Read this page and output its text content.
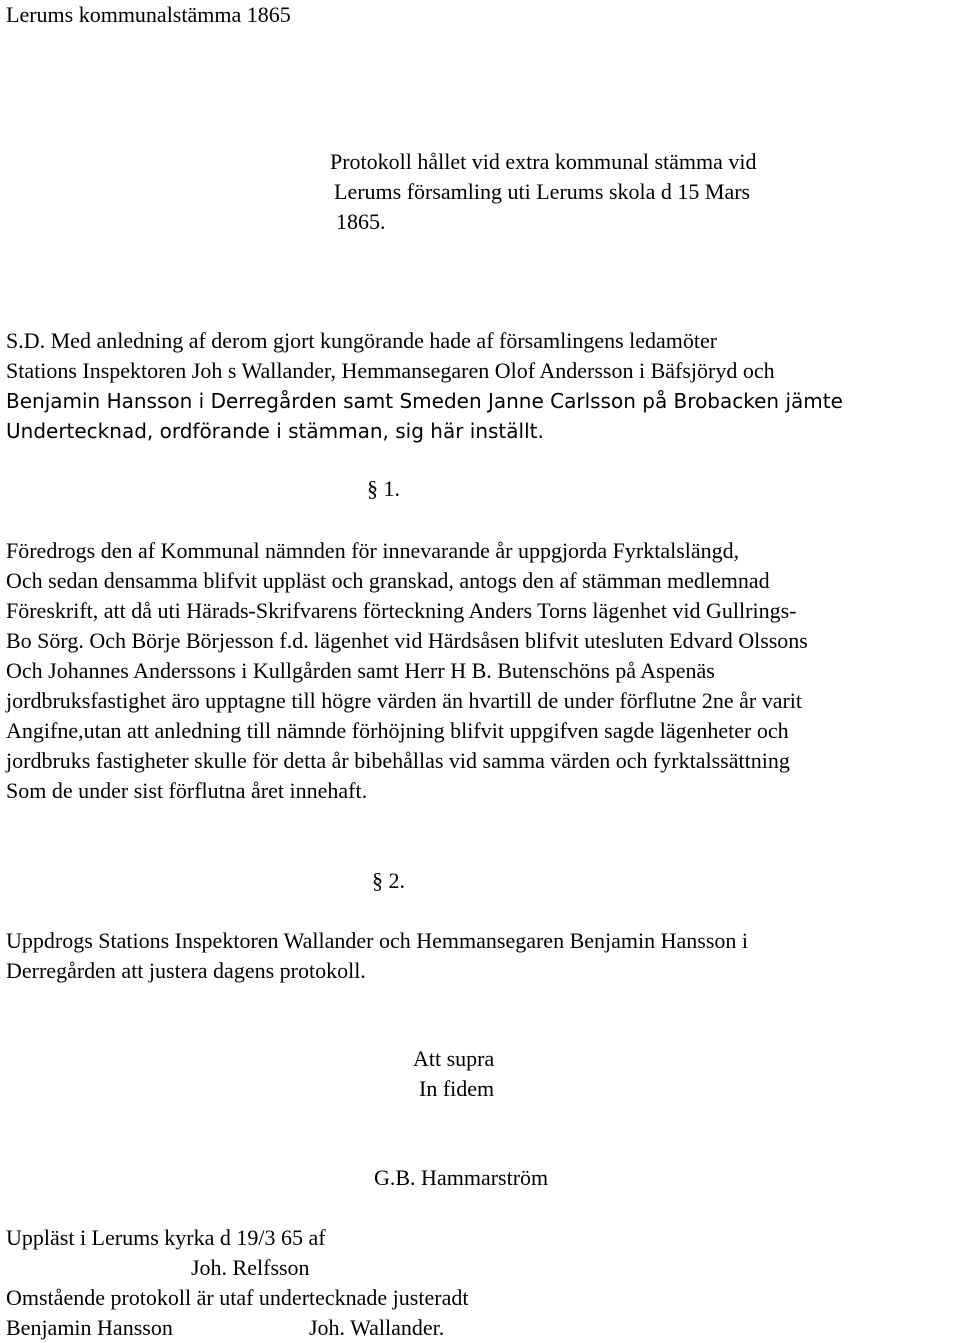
Lerums kommunalstämma 1865
Protokoll hållet vid extra kommunal stämma vid
Lerums församling uti Lerums skola d 15 Mars
1865.
S.D. Med anledning af derom gjort kungörande hade af församlingens ledamöter
Stations Inspektoren Joh s Wallander, Hemmansegaren Olof Andersson i Bäfsjöryd och
Benjamin Hansson i Derregården samt Smeden Janne Carlsson på Brobacken jämte
Undertecknad, ordförande i stämman, sig här inställt.
§ 1.
Föredrogs den af Kommunal nämnden för innevarande år uppgjorda Fyrktalslängd,
Och sedan densamma blifvit uppläst och granskad, antogs den af stämman medlemnad
Föreskrift, att då uti Härads-Skrifvarens förteckning Anders Torns lägenhet vid Gullrings-
Bo Sörg. Och Börje Börjesson f.d. lägenhet vid Härdsåsen blifvit utesluten Edvard Olssons
Och Johannes Anderssons i Kullgården samt Herr H B. Butenschöns på Aspenäs
jordbruksfastighet äro upptagne till högre värden än hvartill de under förflutne 2ne år varit
Angifne,utan att anledning till nämnde förhöjning blifvit uppgifven sagde lägenheter och
jordbruks fastigheter skulle för detta år bibehållas vid samma värden och fyrktalssättning
Som de under sist förflutna året innehaft.
§ 2.
Uppdrogs Stations Inspektoren Wallander och Hemmansegaren Benjamin Hansson i
Derregården att justera dagens protokoll.
Att supra
In fidem
G.B. Hammarström
Uppläst i Lerums kyrka d 19/3 65 af
Joh. Relfsson
Omstående protokoll är utaf undertecknade justeradt
Benjamin Hansson	Joh. Wallander.
